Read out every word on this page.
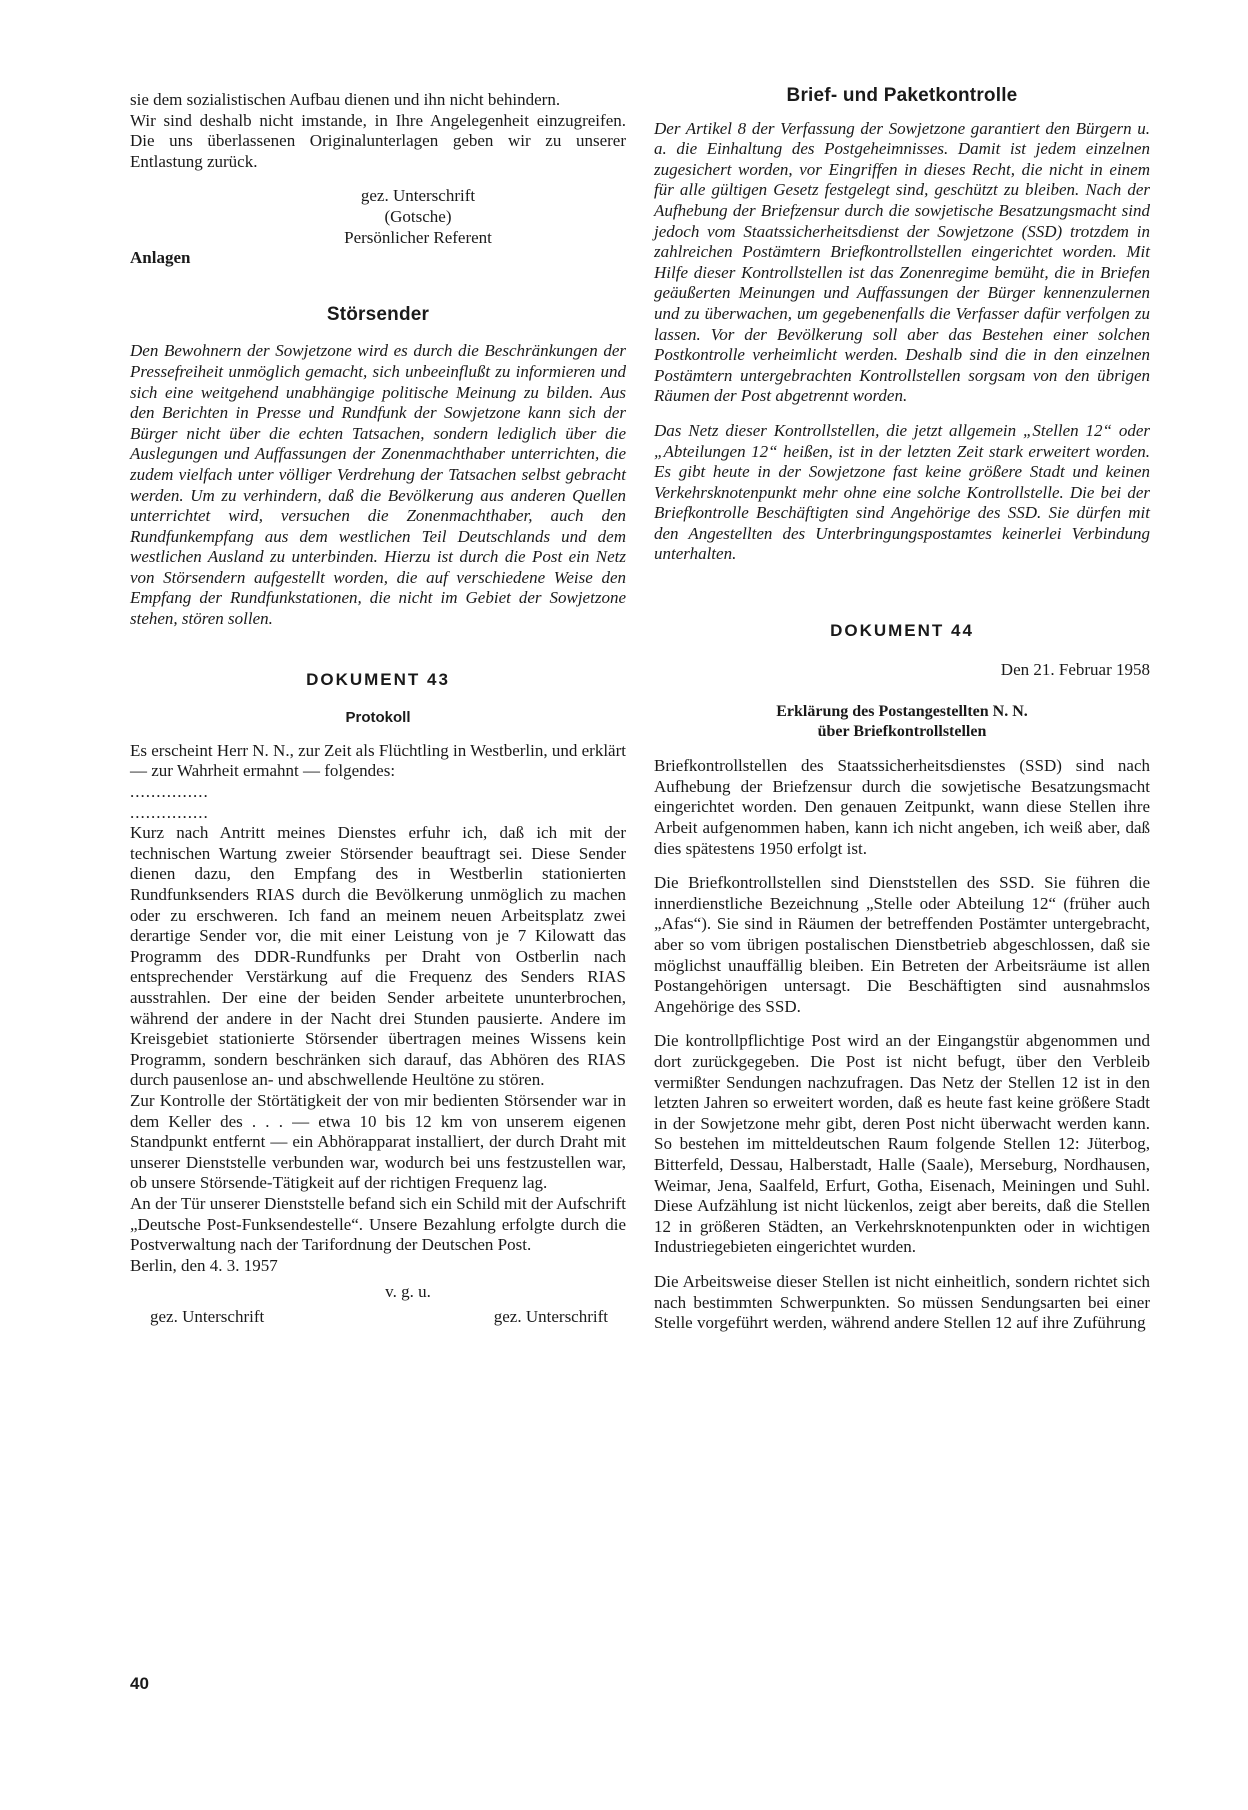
sie dem sozialistischen Aufbau dienen und ihn nicht behindern.

Wir sind deshalb nicht imstande, in Ihre Angelegenheit einzugreifen. Die uns überlassenen Originalunterlagen geben wir zu unserer Entlastung zurück.

gez. Unterschrift
(Gotsche)
Persönlicher Referent

Anlagen

Störsender

Den Bewohnern der Sowjetzone wird es durch die Beschränkungen der Pressefreiheit unmöglich gemacht, sich unbeeinflußt zu informieren und sich eine weitgehend unabhängige politische Meinung zu bilden. Aus den Berichten in Presse und Rundfunk der Sowjetzone kann sich der Bürger nicht über die echten Tatsachen, sondern lediglich über die Auslegungen und Auffassungen der Zonenmachthaber unterrichten, die zudem vielfach unter völliger Verdrehung der Tatsachen selbst gebracht werden. Um zu verhindern, daß die Bevölkerung aus anderen Quellen unterrichtet wird, versuchen die Zonenmachthaber, auch den Rundfunkempfang aus dem westlichen Teil Deutschlands und dem westlichen Ausland zu unterbinden. Hierzu ist durch die Post ein Netz von Störsendern aufgestellt worden, die auf verschiedene Weise den Empfang der Rundfunkstationen, die nicht im Gebiet der Sowjetzone stehen, stören sollen.

DOKUMENT 43
Protokoll

Es erscheint Herr N. N., zur Zeit als Flüchtling in Westberlin, und erklärt — zur Wahrheit ermahnt — folgendes:

...............

...............

Kurz nach Antritt meines Dienstes erfuhr ich, daß ich mit der technischen Wartung zweier Störsender beauftragt sei. Diese Sender dienen dazu, den Empfang des in Westberlin stationierten Rundfunksenders RIAS durch die Bevölkerung unmöglich zu machen oder zu erschweren. Ich fand an meinem neuen Arbeitsplatz zwei derartige Sender vor, die mit einer Leistung von je 7 Kilowatt das Programm des DDR-Rundfunks per Draht von Ostberlin nach entsprechender Verstärkung auf die Frequenz des Senders RIAS ausstrahlen. Der eine der beiden Sender arbeitete ununterbrochen, während der andere in der Nacht drei Stunden pausierte. Andere im Kreisgebiet stationierte Störsender übertragen meines Wissens kein Programm, sondern beschränken sich darauf, das Abhören des RIAS durch pausenlose an- und abschwellende Heultöne zu stören.

Zur Kontrolle der Störtätigkeit der von mir bedienten Störsender war in dem Keller des . . . — etwa 10 bis 12 km von unserem eigenen Standpunkt entfernt — ein Abhörapparat installiert, der durch Draht mit unserer Dienststelle verbunden war, wodurch bei uns festzustellen war, ob unsere Störsende-Tätigkeit auf der richtigen Frequenz lag.

An der Tür unserer Dienststelle befand sich ein Schild mit der Aufschrift „Deutsche Post-Funksendestelle“. Unsere Bezahlung erfolgte durch die Postverwaltung nach der Tarifordnung der Deutschen Post.

Berlin, den 4. 3. 1957

v. g. u.

gez. Unterschrift	gez. Unterschrift
Brief- und Paketkontrolle

Der Artikel 8 der Verfassung der Sowjetzone garantiert den Bürgern u. a. die Einhaltung des Postgeheimnisses. Damit ist jedem einzelnen zugesichert worden, vor Eingriffen in dieses Recht, die nicht in einem für alle gültigen Gesetz festgelegt sind, geschützt zu bleiben. Nach der Aufhebung der Briefzensur durch die sowjetische Besatzungsmacht sind jedoch vom Staatssicherheitsdienst der Sowjetzone (SSD) trotzdem in zahlreichen Postämtern Briefkontrollstellen eingerichtet worden. Mit Hilfe dieser Kontrollstellen ist das Zonenregime bemüht, die in Briefen geäußerten Meinungen und Auffassungen der Bürger kennenzulernen und zu überwachen, um gegebenenfalls die Verfasser dafür verfolgen zu lassen. Vor der Bevölkerung soll aber das Bestehen einer solchen Postkontrolle verheimlicht werden. Deshalb sind die in den einzelnen Postämtern untergebrachten Kontrollstellen sorgsam von den übrigen Räumen der Post abgetrennt worden.

Das Netz dieser Kontrollstellen, die jetzt allgemein „Stellen 12“ oder „Abteilungen 12“ heißen, ist in der letzten Zeit stark erweitert worden. Es gibt heute in der Sowjetzone fast keine größere Stadt und keinen Verkehrsknotenpunkt mehr ohne eine solche Kontrollstelle. Die bei der Briefkontrolle Beschäftigten sind Angehörige des SSD. Sie dürfen mit den Angestellten des Unterbringungspostamtes keinerlei Verbindung unterhalten.

DOKUMENT 44

Den 21. Februar 1958

Erklärung des Postangestellten N. N.
über Briefkontrollstellen

Briefkontrollstellen des Staatssicherheitsdienstes (SSD) sind nach Aufhebung der Briefzensur durch die sowjetische Besatzungsmacht eingerichtet worden. Den genauen Zeitpunkt, wann diese Stellen ihre Arbeit aufgenommen haben, kann ich nicht angeben, ich weiß aber, daß dies spätestens 1950 erfolgt ist.

Die Briefkontrollstellen sind Dienststellen des SSD. Sie führen die innerdienstliche Bezeichnung „Stelle oder Abteilung 12“ (früher auch „Afas“). Sie sind in Räumen der betreffenden Postämter untergebracht, aber so vom übrigen postalischen Dienstbetrieb abgeschlossen, daß sie möglichst unauffällig bleiben. Ein Betreten der Arbeitsräume ist allen Postangehörigen untersagt. Die Beschäftigten sind ausnahmslos Angehörige des SSD.

Die kontrollpflichtige Post wird an der Eingangstür abgenommen und dort zurückgegeben. Die Post ist nicht befugt, über den Verbleib vermißter Sendungen nachzufragen. Das Netz der Stellen 12 ist in den letzten Jahren so erweitert worden, daß es heute fast keine größere Stadt in der Sowjetzone mehr gibt, deren Post nicht überwacht werden kann. So bestehen im mitteldeutschen Raum folgende Stellen 12: Jüterbog, Bitterfeld, Dessau, Halberstadt, Halle (Saale), Merseburg, Nordhausen, Weimar, Jena, Saalfeld, Erfurt, Gotha, Eisenach, Meiningen und Suhl. Diese Aufzählung ist nicht lückenlos, zeigt aber bereits, daß die Stellen 12 in größeren Städten, an Verkehrsknotenpunkten oder in wichtigen Industriegebieten eingerichtet wurden.

Die Arbeitsweise dieser Stellen ist nicht einheitlich, sondern richtet sich nach bestimmten Schwerpunkten. So müssen Sendungsarten bei einer Stelle vorgeführt werden, während andere Stellen 12 auf ihre Zuführung

40
